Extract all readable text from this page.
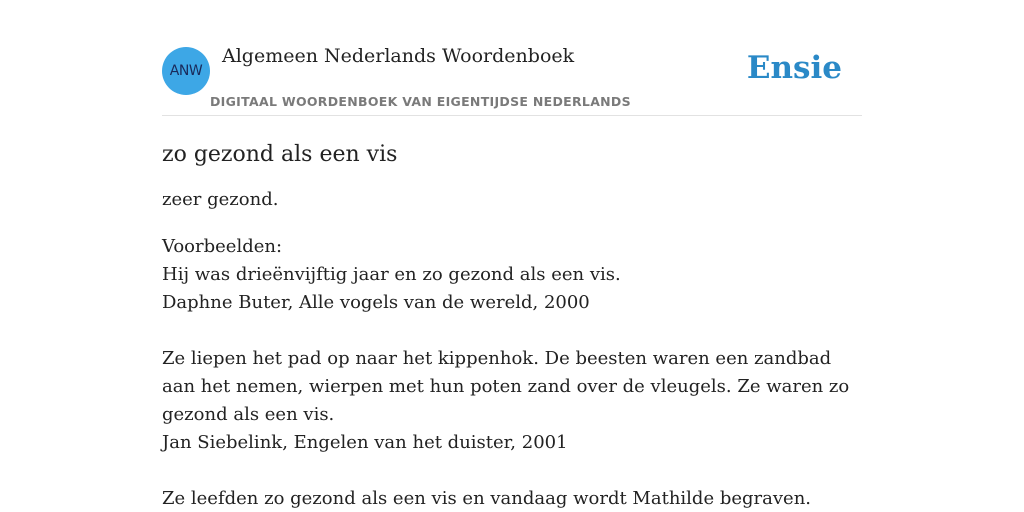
ANW
Algemeen Nederlands Woordenboek
DIGITAAL WOORDENBOEK VAN EIGENTIJDSE NEDERLANDS
Ensie
zo gezond als een vis

zeer gezond.

Voorbeelden:
Hij was drieënvijftig jaar en zo gezond als een vis.
Daphne Buter, Alle vogels van de wereld, 2000
Ze liepen het pad op naar het kippenhok. De beesten waren een zandbad aan het nemen, wierpen met hun poten zand over de vleugels. Ze waren zo gezond als een vis.
Jan Siebelink, Engelen van het duister, 2001
Ze leefden zo gezond als een vis en vandaag wordt Mathilde begraven.
